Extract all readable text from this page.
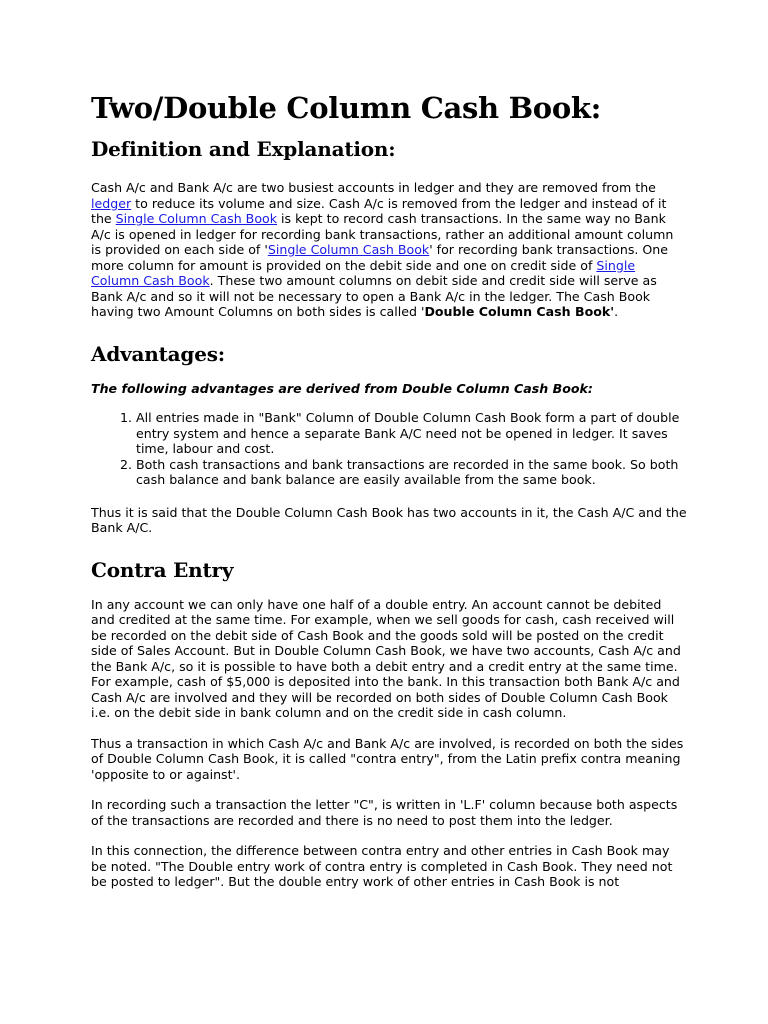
Two/Double Column Cash Book:
Definition and Explanation:

Cash A/c and Bank A/c are two busiest accounts in ledger and they are removed from the ledger to reduce its volume and size. Cash A/c is removed from the ledger and instead of it the Single Column Cash Book is kept to record cash transactions. In the same way no Bank A/c is opened in ledger for recording bank transactions, rather an additional amount column is provided on each side of 'Single Column Cash Book' for recording bank transactions. One more column for amount is provided on the debit side and one on credit side of Single Column Cash Book. These two amount columns on debit side and credit side will serve as Bank A/c and so it will not be necessary to open a Bank A/c in the ledger. The Cash Book having two Amount Columns on both sides is called 'Double Column Cash Book'.

Advantages:

The following advantages are derived from Double Column Cash Book:

1. All entries made in "Bank" Column of Double Column Cash Book form a part of double entry system and hence a separate Bank A/C need not be opened in ledger. It saves time, labour and cost.
2. Both cash transactions and bank transactions are recorded in the same book. So both cash balance and bank balance are easily available from the same book.

Thus it is said that the Double Column Cash Book has two accounts in it, the Cash A/C and the Bank A/C.

Contra Entry

In any account we can only have one half of a double entry. An account cannot be debited and credited at the same time. For example, when we sell goods for cash, cash received will be recorded on the debit side of Cash Book and the goods sold will be posted on the credit side of Sales Account. But in Double Column Cash Book, we have two accounts, Cash A/c and the Bank A/c, so it is possible to have both a debit entry and a credit entry at the same time. For example, cash of $5,000 is deposited into the bank. In this transaction both Bank A/c and Cash A/c are involved and they will be recorded on both sides of Double Column Cash Book i.e. on the debit side in bank column and on the credit side in cash column.

Thus a transaction in which Cash A/c and Bank A/c are involved, is recorded on both the sides of Double Column Cash Book, it is called "contra entry", from the Latin prefix contra meaning 'opposite to or against'.

In recording such a transaction the letter "C", is written in 'L.F' column because both aspects of the transactions are recorded and there is no need to post them into the ledger.

In this connection, the difference between contra entry and other entries in Cash Book may be noted. "The Double entry work of contra entry is completed in Cash Book. They need not be posted to ledger". But the double entry work of other entries in Cash Book is not
